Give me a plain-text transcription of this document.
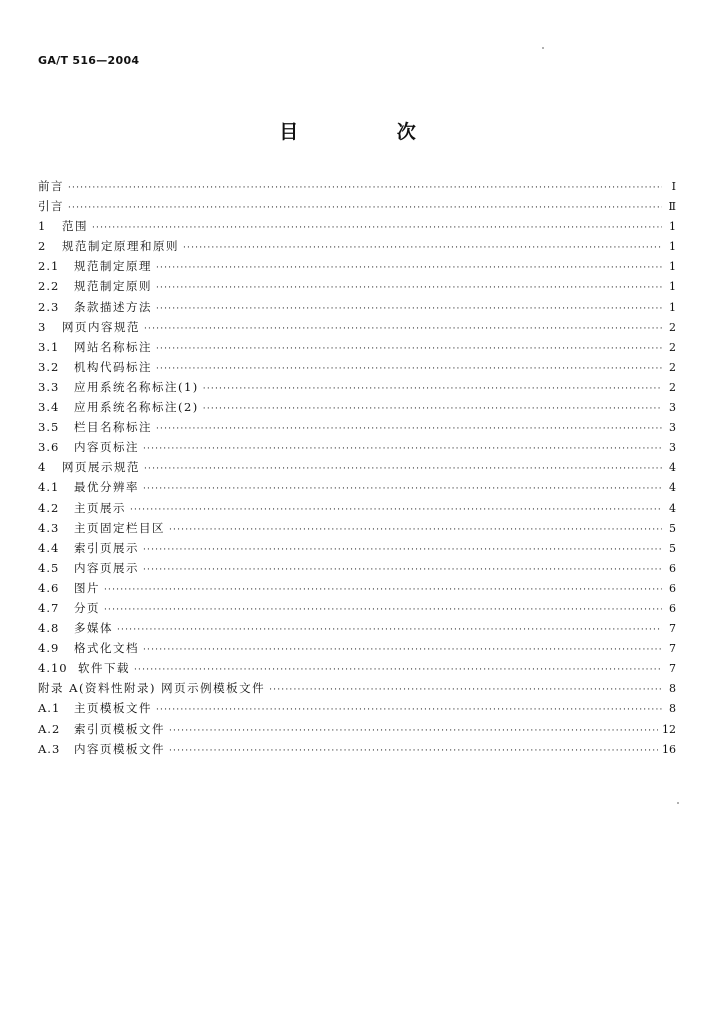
GA/T 516—2004
目 次
前言 ·····	Ⅰ
引言 ·····	Ⅱ
1	范围 ·····	1
2	规范制定原理和原则 ·····	1
2.1	规范制定原理 ·····	1
2.2	规范制定原则 ·····	1
2.3	条款描述方法 ·····	1
3	网页内容规范 ·····	2
3.1	网站名称标注 ·····	2
3.2	机构代码标注 ·····	2
3.3	应用系统名称标注(1) ·····	2
3.4	应用系统名称标注(2) ·····	3
3.5	栏目名称标注 ·····	3
3.6	内容页标注 ·····	3
4	网页展示规范 ·····	4
4.1	最优分辨率 ·····	4
4.2	主页展示 ·····	4
4.3	主页固定栏目区 ·····	5
4.4	索引页展示 ·····	5
4.5	内容页展示 ·····	6
4.6	图片 ·····	6
4.7	分页 ·····	6
4.8	多媒体 ·····	7
4.9	格式化文档 ·····	7
4.10 软件下载 ·····	7
附录 A(资料性附录) 网页示例模板文件 ·····	8
A.1	主页模板文件 ·····	8
A.2	索引页模板文件 ·····	12
A.3	内容页模板文件 ·····	16
